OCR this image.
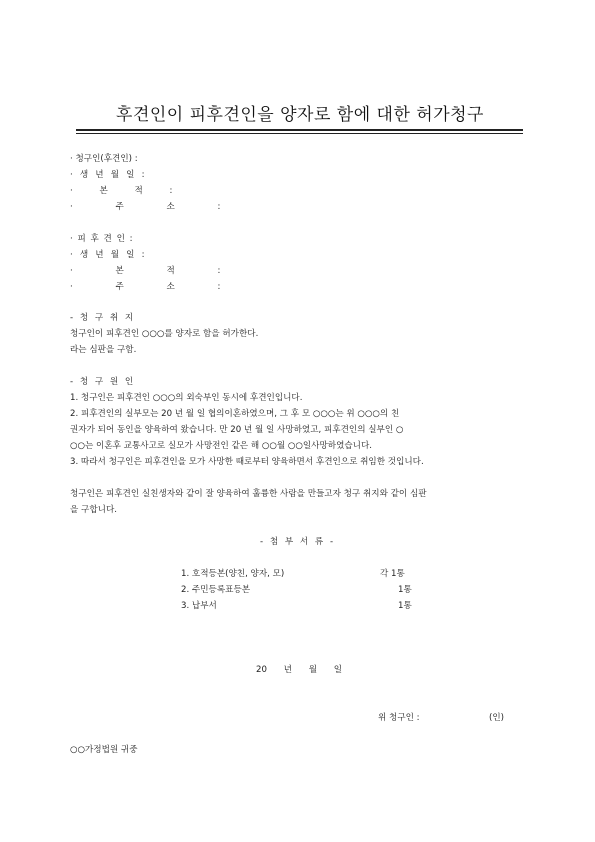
후견인이 피후견인을 양자로 함에 대한 허가청구
· 청구인(후견인) :
· 생 년 월 일 :
· 본 적 :
· 주 소 :
· 피 후 견 인 :
· 생 년 월 일 :
· 본 적 :
· 주 소 :
- 청 구 취 지
청구인이 피후견인 ○○○를 양자로 함을 허가한다.
라는 심판을 구함.
- 청 구 원 인
1. 청구인은 피후견인 ○○○의 외숙부인 동시에 후견인입니다.
2. 피후견인의 실부모는 20 년 월 일 협의이혼하였으며, 그 후 모 ○○○는 위 ○○○의 친
권자가 되어 동인을 양육하여 왔습니다. 만 20 년 월 일 사망하였고, 피후견인의 실부인 ○
○○는 이혼후 교통사고로 실모가 사망전인 같은 해 ○○월 ○○일사망하였습니다.
3. 따라서 청구인은 피후견인을 모가 사망한 때로부터 양육하면서 후견인으로 취임한 것입니다.
청구인은 피후견인 실친생자와 같이 잘 양육하여 훌륭한 사람을 만들고자 청구 취지와 같이 심판
을 구합니다.
- 첨 부 서 류 -
1. 호적등본(양친, 양자, 모)	각 1통
2. 주민등록표등본	1통
3. 납부서	1통
20 년 월 일
위 청구인 :	(인)
○○가정법원 귀중
